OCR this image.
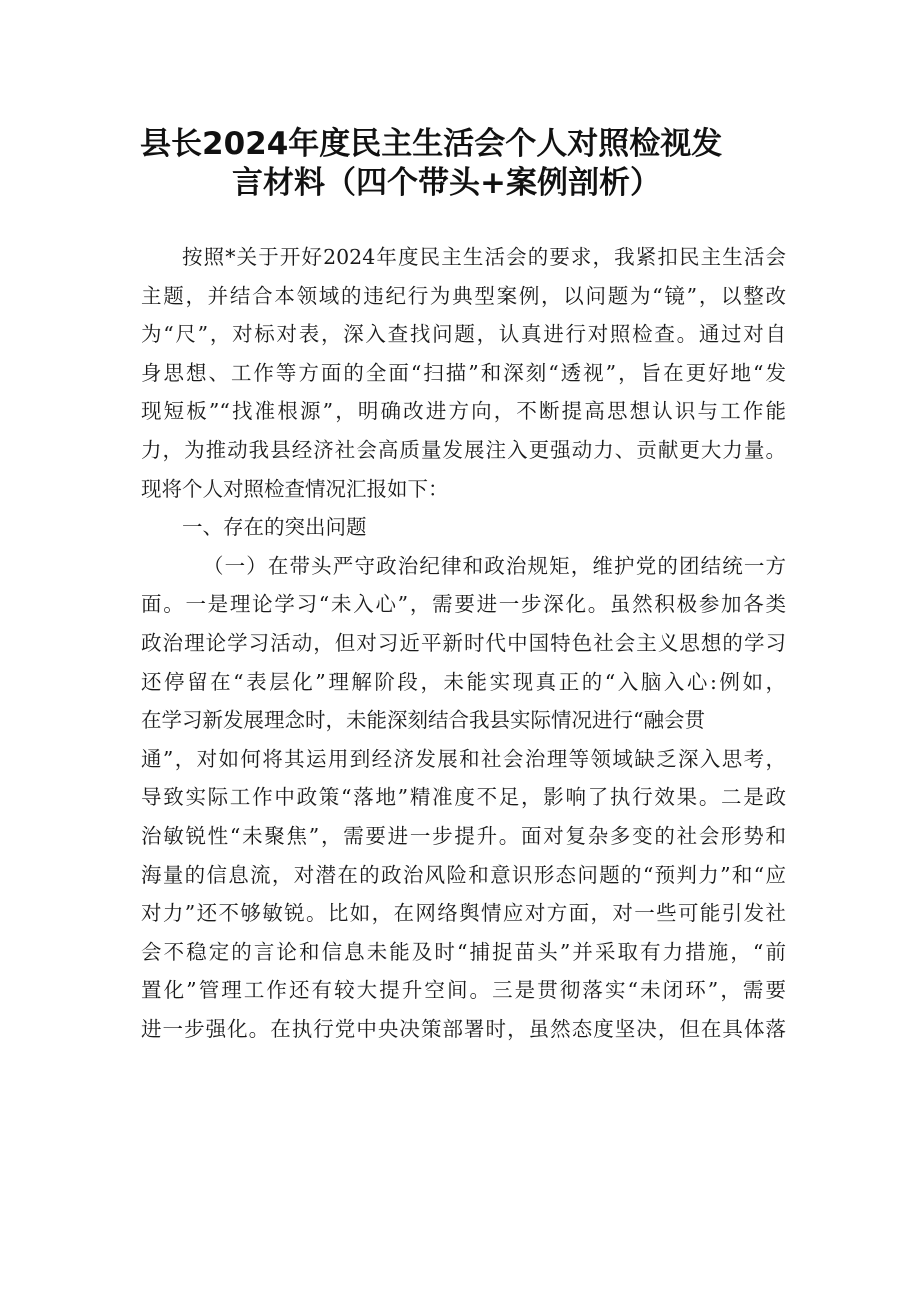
县长2024年度民主生活会个人对照检视发
言材料（四个带头+案例剖析）
按照*关于开好2024年度民主生活会的要求，我紧扣民主生活会
主题，并结合本领域的违纪行为典型案例，以问题为“镜”，以整改
为“尺”，对标对表，深入查找问题，认真进行对照检查。通过对自
身思想、工作等方面的全面“扫描”和深刻“透视”，旨在更好地“发
现短板”“找准根源”，明确改进方向，不断提高思想认识与工作能
力，为推动我县经济社会高质量发展注入更强动力、贡献更大力量。
现将个人对照检查情况汇报如下：
一、存在的突出问题
（一）在带头严守政治纪律和政治规矩，维护党的团结统一方
面。一是理论学习“未入心”，需要进一步深化。虽然积极参加各类
政治理论学习活动，但对习近平新时代中国特色社会主义思想的学习
还停留在“表层化”理解阶段，未能实现真正的“入脑入心:例如，
在学习新发展理念时，未能深刻结合我县实际情况进行“融会贯
通”，对如何将其运用到经济发展和社会治理等领域缺乏深入思考，
导致实际工作中政策“落地”精准度不足，影响了执行效果。二是政
治敏锐性“未聚焦”，需要进一步提升。面对复杂多变的社会形势和
海量的信息流，对潜在的政治风险和意识形态问题的“预判力”和“应
对力”还不够敏锐。比如，在网络舆情应对方面，对一些可能引发社
会不稳定的言论和信息未能及时“捕捉苗头”并采取有力措施，“前
置化”管理工作还有较大提升空间。三是贯彻落实“未闭环”，需要
进一步强化。在执行党中央决策部署时，虽然态度坚决，但在具体落
